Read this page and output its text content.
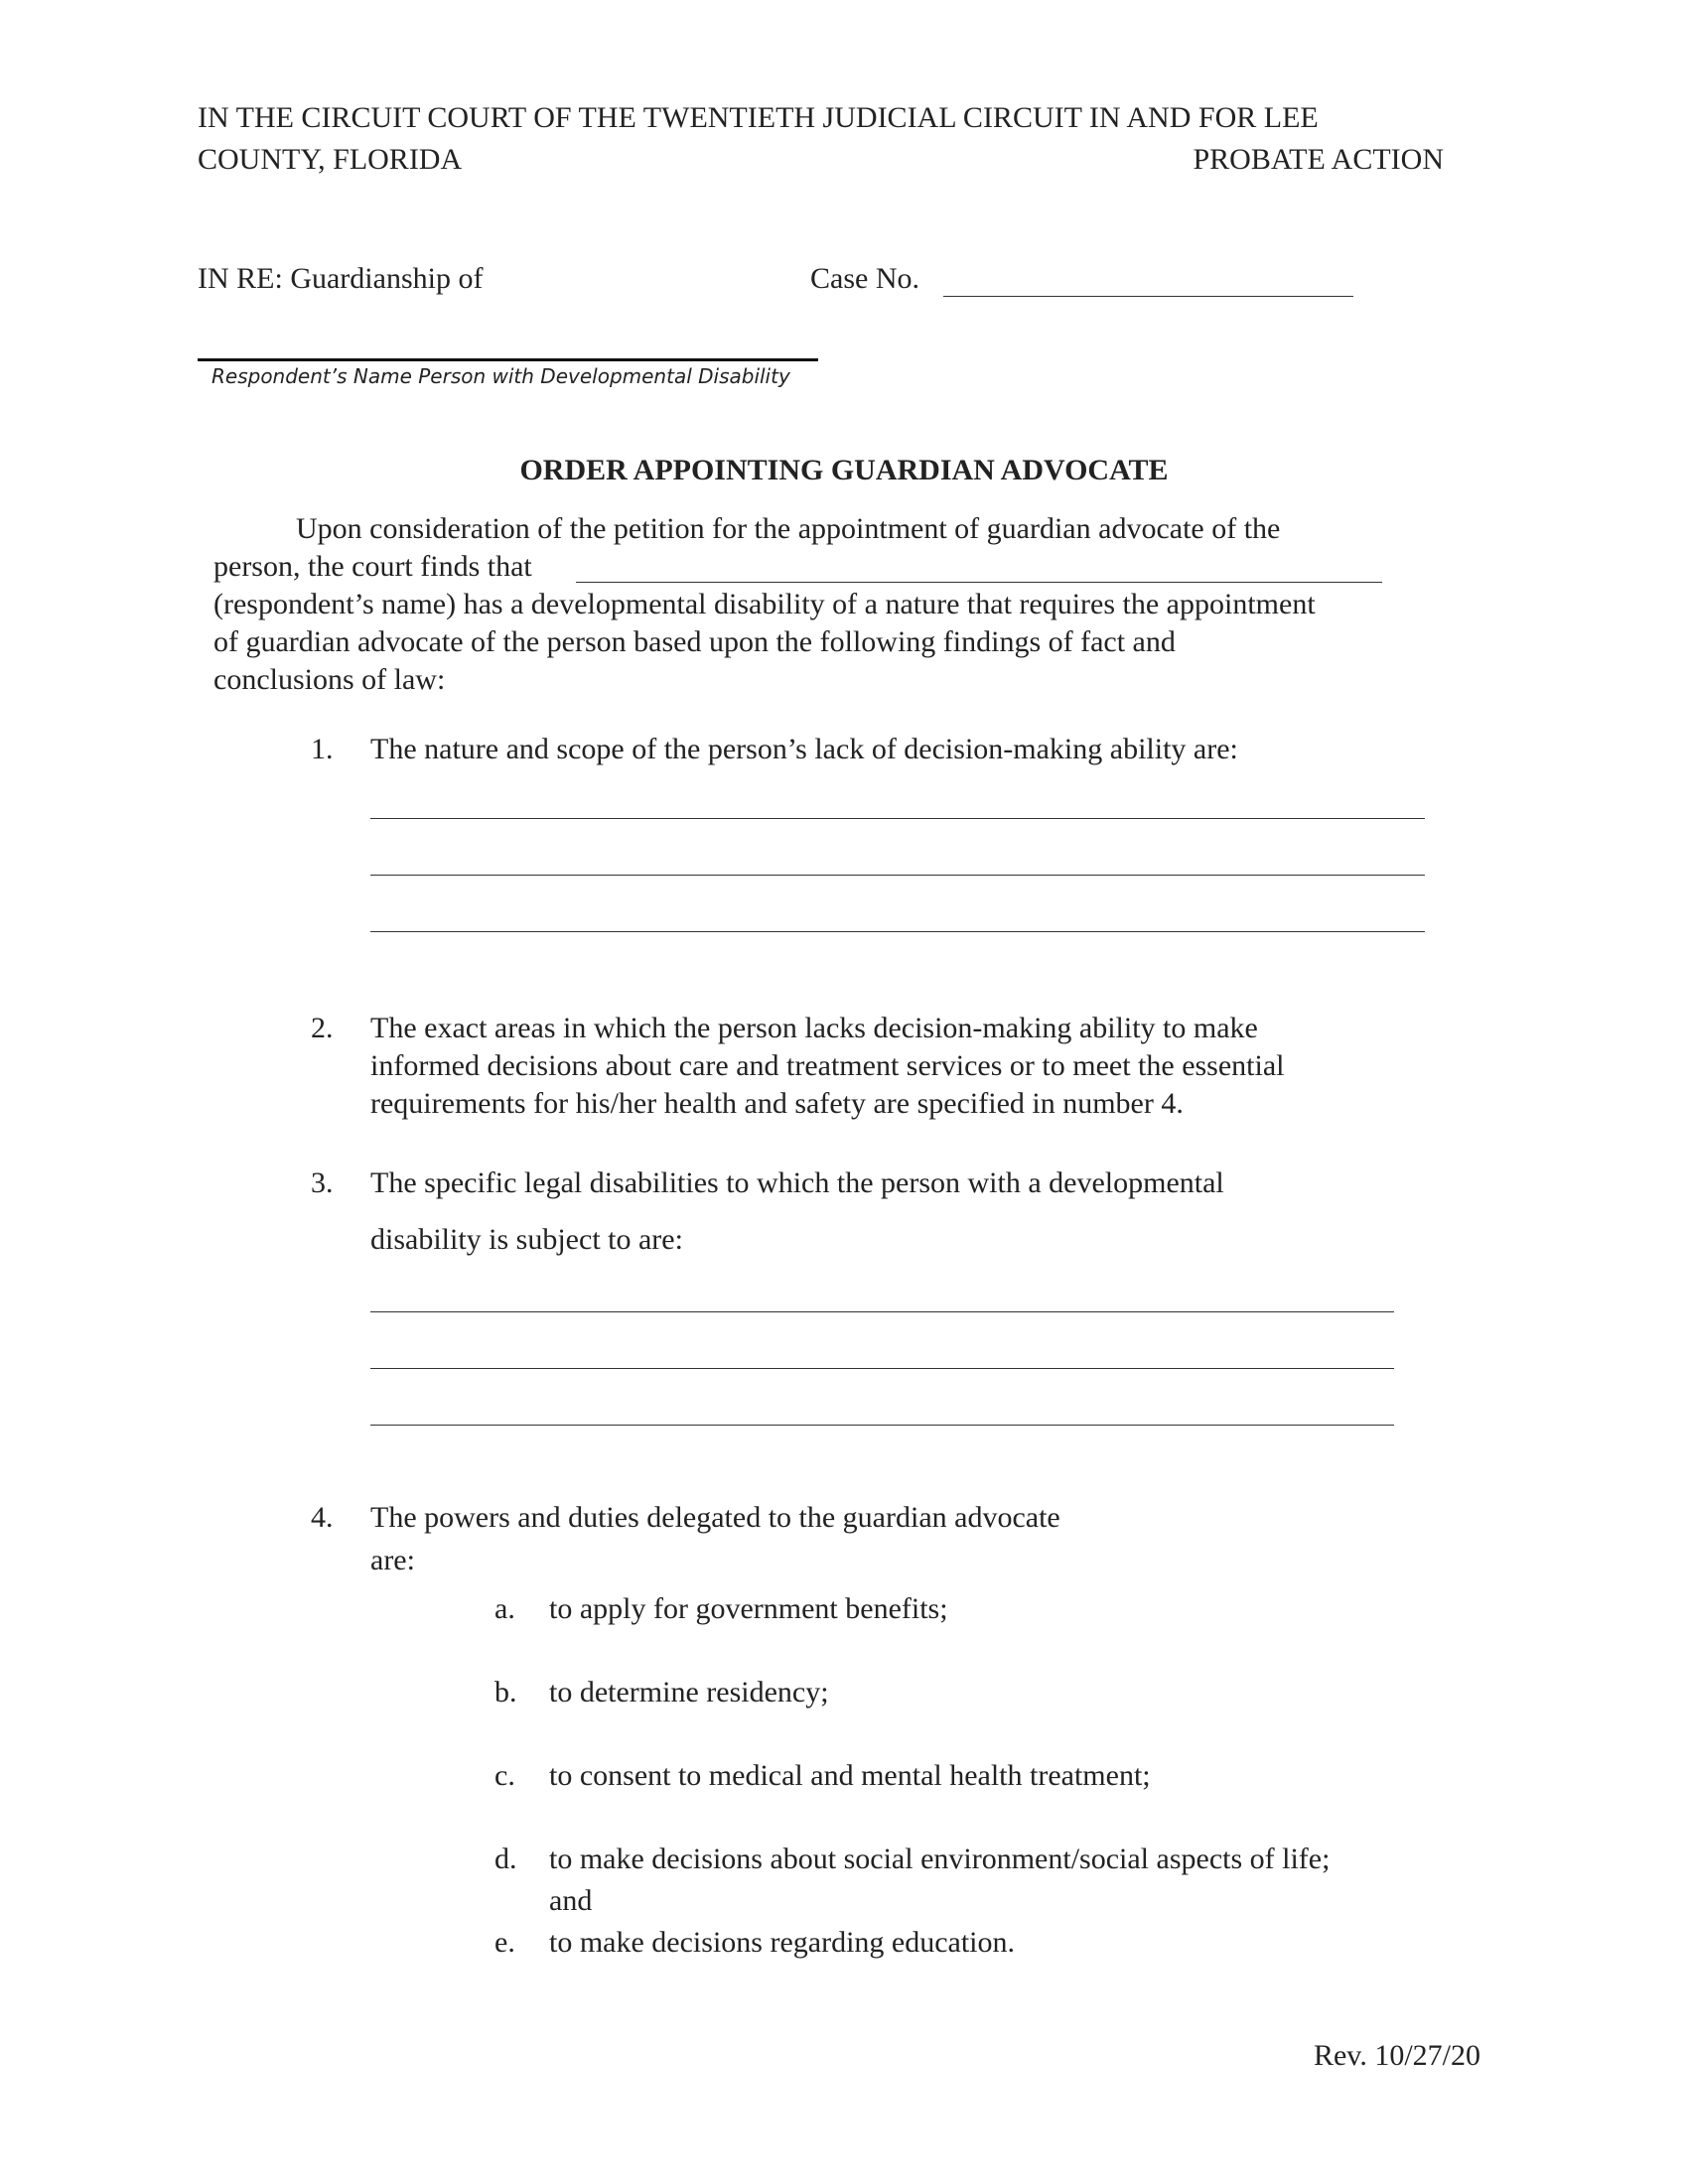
IN THE CIRCUIT COURT OF THE TWENTIETH JUDICIAL CIRCUIT IN AND FOR LEE
COUNTY, FLORIDA	PROBATE ACTION
IN RE: Guardianship of	Case No.
Respondent’s Name Person with Developmental Disability
ORDER APPOINTING GUARDIAN ADVOCATE
Upon consideration of the petition for the appointment of guardian advocate of the
person, the court finds that
(respondent’s name) has a developmental disability of a nature that requires the appointment
of guardian advocate of the person based upon the following findings of fact and
conclusions of law:
1. The nature and scope of the person’s lack of decision-making ability are:
2. The exact areas in which the person lacks decision-making ability to make
informed decisions about care and treatment services or to meet the essential
requirements for his/her health and safety are specified in number 4.
3. The specific legal disabilities to which the person with a developmental
disability is subject to are:
4. The powers and duties delegated to the guardian advocate
are:
a. to apply for government benefits;
b. to determine residency;
c. to consent to medical and mental health treatment;
d. to make decisions about social environment/social aspects of life;
and
e. to make decisions regarding education.
Rev. 10/27/20
